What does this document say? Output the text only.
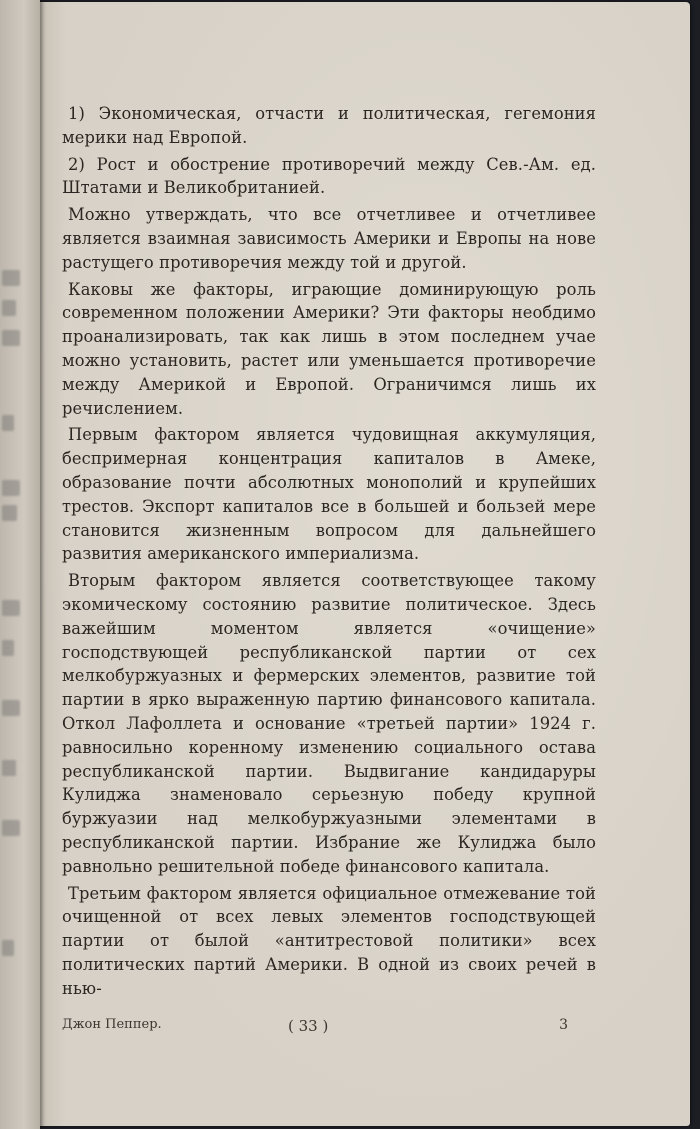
1) Экономическая, отчасти и политическая, гегемония мерики над Европой.

2) Рост и обострение противоречий между Сев.-Ам. ед. Штатами и Великобританией.

Можно утверждать, что все отчетливее и отчетливее является взаимная зависимость Америки и Европы на нове растущего противоречия между той и другой.

Каковы же факторы, играющие доминирующую роль современном положении Америки? Эти факторы необдимо проанализировать, так как лишь в этом последнем учае можно установить, растет или уменьшается противоречие между Америкой и Европой. Ограничимся лишь их речислением.

Первым фактором является чудовищная аккумуляция, беспримерная концентрация капиталов в Амеке, образование почти абсолютных монополий и крупейших трестов. Экспорт капиталов все в большей и бользей мере становится жизненным вопросом для дальнейшего развития американского империализма.

Вторым фактором является соответствующее такому экомическому состоянию развитие политическое. Здесь важейшим моментом является «очищение» господствующей республиканской партии от сех мелкобуржуазных и фермерских элементов, развитие той партии в ярко выраженную партию финансового капитала. Откол Лафоллета и основание «третьей партии» 1924 г. равносильно коренному изменению социального остава республиканской партии. Выдвигание кандидаруры Кулиджа знаменовало серьезную победу крупной буржуазии над мелкобуржуазными элементами в республиканской партии. Избрание же Кулиджа было равнольно решительной победе финансового капитала.

Третьим фактором является официальное отмежевание той очищенной от всех левых элементов господствующей партии от былой «антитрестовой политики» всех политических партий Америки. В одной из своих речей в нью-

Джон Пеппер.	( 33 )	3
